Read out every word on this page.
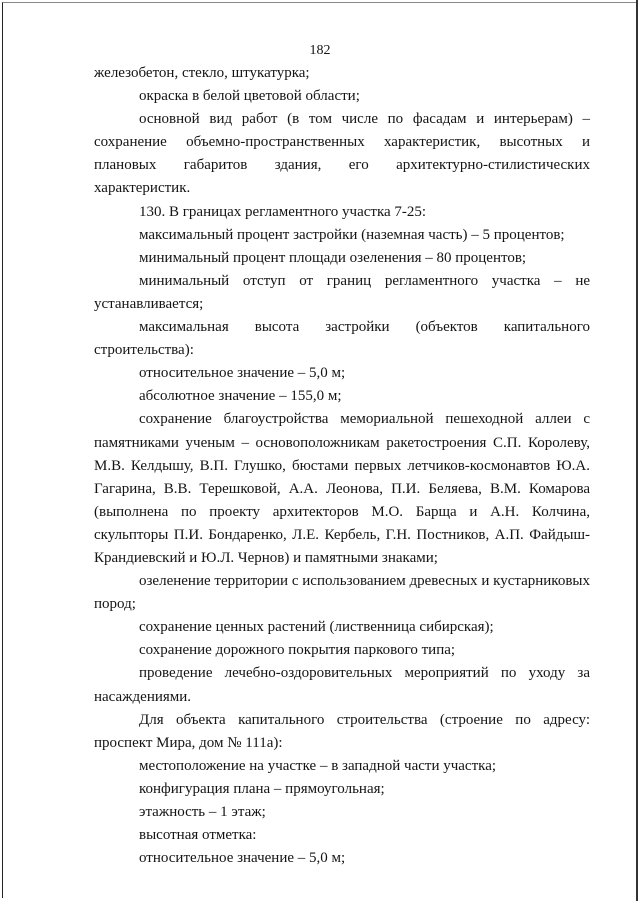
182

железобетон, стекло, штукатурка;

окраска в белой цветовой области;

основной вид работ (в том числе по фасадам и интерьерам) – сохранение объемно-пространственных характеристик, высотных и плановых габаритов здания, его архитектурно-стилистических характеристик.

130. В границах регламентного участка 7-25:

максимальный процент застройки (наземная часть) – 5 процентов;

минимальный процент площади озеленения – 80 процентов;

минимальный отступ от границ регламентного участка – не устанавливается;

максимальная высота застройки (объектов капитального строительства):

относительное значение – 5,0 м;

абсолютное значение – 155,0 м;

сохранение благоустройства мемориальной пешеходной аллеи с памятниками ученым – основоположникам ракетостроения С.П. Королеву, М.В. Келдышу, В.П. Глушко, бюстами первых летчиков-космонавтов Ю.А. Гагарина, В.В. Терешковой, А.А. Леонова, П.И. Беляева, В.М. Комарова (выполнена по проекту архитекторов М.О. Барща и А.Н. Колчина, скульпторы П.И. Бондаренко, Л.Е. Кербель, Г.Н. Постников, А.П. Файдыш-Крандиевский и Ю.Л. Чернов) и памятными знаками;

озеленение территории с использованием древесных и кустарниковых пород;

сохранение ценных растений (лиственница сибирская);

сохранение дорожного покрытия паркового типа;

проведение лечебно-оздоровительных мероприятий по уходу за насаждениями.

Для объекта капитального строительства (строение по адресу: проспект Мира, дом № 111а):

местоположение на участке – в западной части участка;

конфигурация плана – прямоугольная;

этажность – 1 этаж;

высотная отметка:

относительное значение – 5,0 м;
